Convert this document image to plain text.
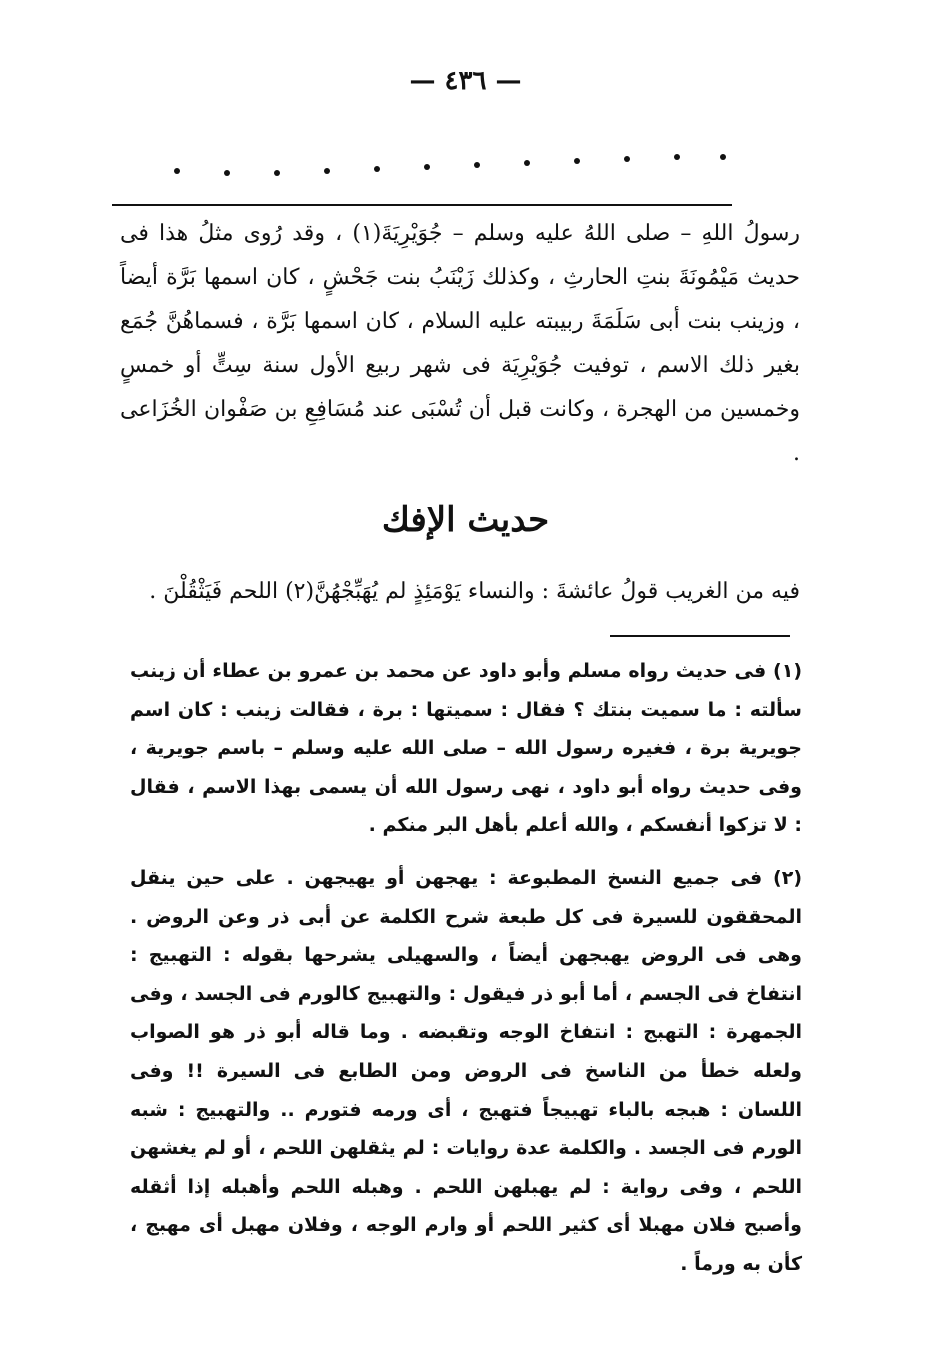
— ٤٣٦ —

رسولُ اللهِ – صلى اللهُ عليه وسلم – جُوَيْرِيَةَ(١) ، وقد رُوى مثلُ هذا فى حديث مَيْمُونَةَ بنتِ الحارثِ ، وكذلك زَيْنَبُ بنت جَحْشٍ ، كان اسمها بَرَّة أيضاً ، وزينب بنت أبى سَلَمَةَ ربيبته عليه السلام ، كان اسمها بَرَّة ، فسماهُنَّ جُمَع بغير ذلك الاسم ، توفيت جُوَيْرِيَة فى شهر ربيع الأول سنة سِتٍّ أو خمسٍ وخمسين من الهجرة ، وكانت قبل أن تُسْبَى عند مُسَافِعِ بن صَفْوان الخُزَاعى .

حديث الإفك
فيه من الغريب قولُ عائشةَ : والنساء يَوْمَئِذٍ لم يُهَبِّجْهُنَّ(٢) اللحم فَيَثْقُلْنَ .

(١) فى حديث رواه مسلم وأبو داود عن محمد بن عمرو بن عطاء أن زينب سألته : ما سميت بنتك ؟ فقال : سميتها : برة ، فقالت زينب : كان اسم جويرية برة ، فغيره رسول الله – صلى الله عليه وسلم – باسم جويرية ، وفى حديث رواه أبو داود ، نهى رسول الله أن يسمى بهذا الاسم ، فقال : لا تزكوا أنفسكم ، والله أعلم بأهل البر منكم .

(٢) فى جميع النسخ المطبوعة : يهجهن أو يهيجهن . على حين ينقل المحققون للسيرة فى كل طبعة شرح الكلمة عن أبى ذر وعن الروض . وهى فى الروض يهبجهن أيضاً ، والسهيلى يشرحها بقوله : التهبيج : انتفاخ فى الجسم ، أما أبو ذر فيقول : والتهبيج كالورم فى الجسد ، وفى الجمهرة : التهبج : انتفاخ الوجه وتقبضه . وما قاله أبو ذر هو الصواب ولعله خطأ من الناسخ فى الروض ومن الطابع فى السيرة !! وفى اللسان : هبجه بالباء تهبيجاً فتهبج ، أى ورمه فتورم .. والتهبيج : شبه الورم فى الجسد . والكلمة عدة روايات : لم يثقلهن اللحم ، أو لم يغشهن اللحم ، وفى رواية : لم يهبلهن اللحم . وهبله اللحم وأهبله إذا أثقله وأصبح فلان مهبلا أى كثير اللحم أو وارم الوجه ، وفلان مهبل أى مهبج ، كأن به ورماً .
